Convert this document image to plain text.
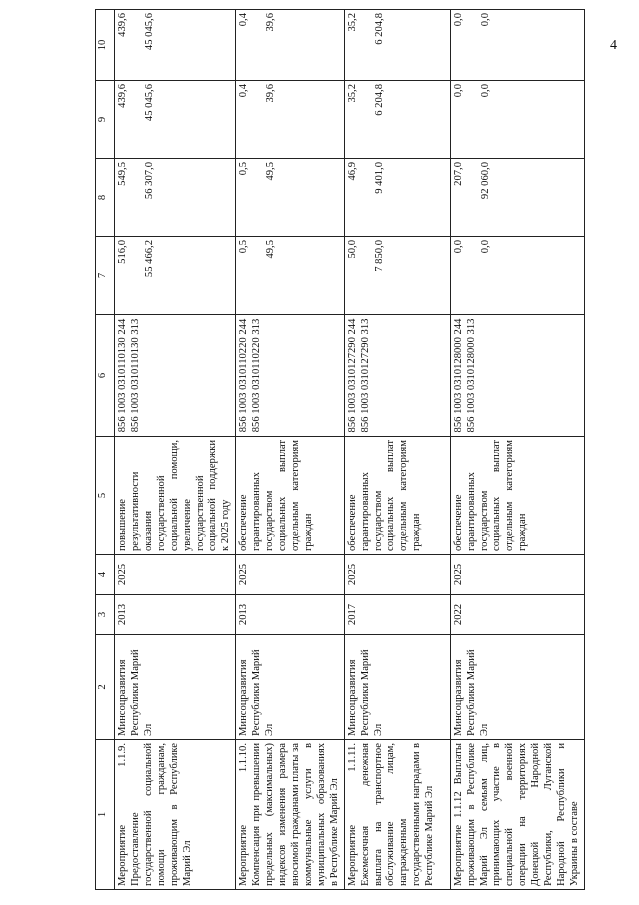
4
1	2	3	4	5	6	7	8	9	10
Мероприятие 1.1.9. Предоставление государственной социальной помощи гражданам, проживающим в Республике Марий Эл	Минсоцразвития Республики Марий Эл	2013	2025	повышение результативности оказания государственной социальной помощи, увеличение государственной социальной поддержки к 2025 году	856 1003 0310110130 244 856 1003 0310110130 313	516,0 55 466,2	549,5 56 307,0	439,6 45 045,6	439,6 45 045,6

Мероприятие 1.1.10. Компенсация при превышении предельных (максимальных) индексов изменения размера вносимой гражданами платы за коммунальные услуги в муниципальных образованиях в Республике Марий Эл	Минсоцразвития Республики Марий Эл	2013	2025	обеспечение гарантированных государством социальных выплат отдельным категориям граждан	856 1003 0310110220 244 856 1003 0310110220 313	0,5 49,5	0,5 49,5	0,4 39,6	0,4 39,6

Мероприятие 1.1.11. Ежемесячная денежная выплата на транспортное обслуживание лицам, награжденным государственными наградами в Республике Марий Эл	Минсоцразвития Республики Марий Эл	2017	2025	обеспечение гарантированных государством социальных выплат отдельным категориям граждан	856 1003 0310127290 244 856 1003 0310127290 313	50,0 7 850,0	46,9 9 401,0	35,2 6 204,8	35,2 6 204,8

Мероприятие 1.1.12 Выплаты проживающим в Республике Марий Эл семьям лиц, принимающих участие в специальной военной операции на территориях Донецкой Народной Республики, Луганской Народной Республики и Украины в составе	Минсоцразвития Республики Марий Эл	2022	2025	обеспечение гарантированных государством социальных выплат отдельным категориям граждан	856 1003 0310128000 244 856 1003 0310128000 313	0,0 0,0	207,0 92 060,0	0,0 0,0	0,0 0,0
